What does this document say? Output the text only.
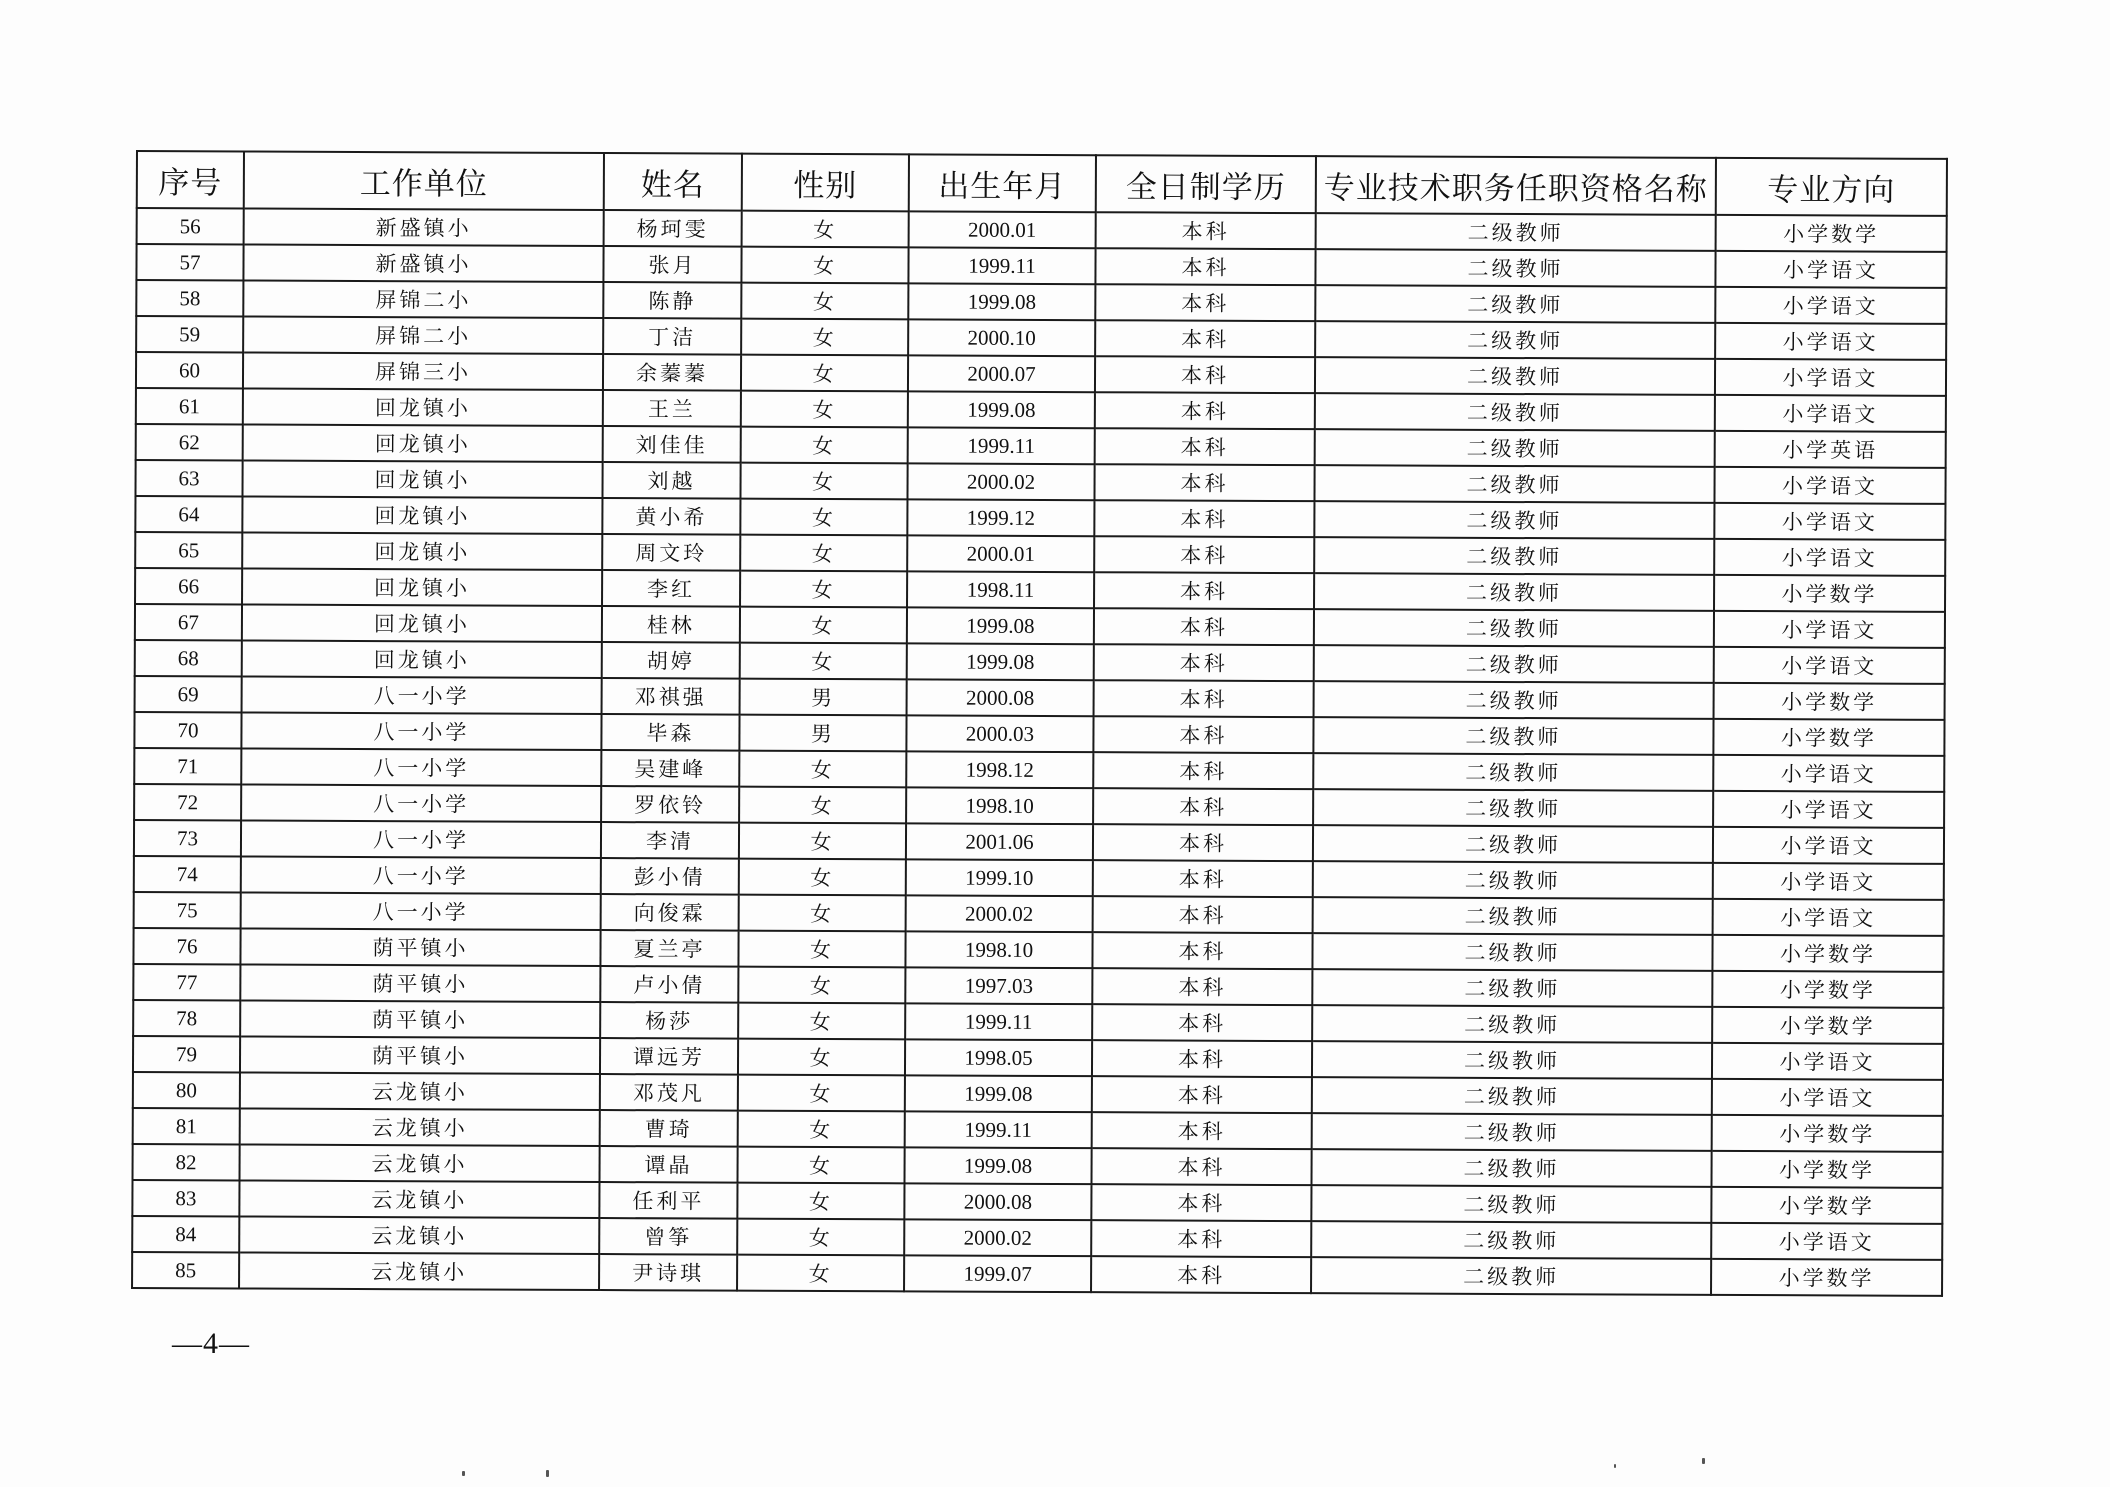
序号	工作单位	姓名	性别	出生年月	全日制学历	专业技术职务任职资格名称	专业方向
56	新盛镇小	杨珂雯	女	2000.01	本科	二级教师	小学数学
57	新盛镇小	张月	女	1999.11	本科	二级教师	小学语文
58	屏锦二小	陈静	女	1999.08	本科	二级教师	小学语文
59	屏锦二小	丁洁	女	2000.10	本科	二级教师	小学语文
60	屏锦三小	余蓁蓁	女	2000.07	本科	二级教师	小学语文
61	回龙镇小	王兰	女	1999.08	本科	二级教师	小学语文
62	回龙镇小	刘佳佳	女	1999.11	本科	二级教师	小学英语
63	回龙镇小	刘越	女	2000.02	本科	二级教师	小学语文
64	回龙镇小	黄小希	女	1999.12	本科	二级教师	小学语文
65	回龙镇小	周文玲	女	2000.01	本科	二级教师	小学语文
66	回龙镇小	李红	女	1998.11	本科	二级教师	小学数学
67	回龙镇小	桂林	女	1999.08	本科	二级教师	小学语文
68	回龙镇小	胡婷	女	1999.08	本科	二级教师	小学语文
69	八一小学	邓祺强	男	2000.08	本科	二级教师	小学数学
70	八一小学	毕森	男	2000.03	本科	二级教师	小学数学
71	八一小学	吴建峰	女	1998.12	本科	二级教师	小学语文
72	八一小学	罗依铃	女	1998.10	本科	二级教师	小学语文
73	八一小学	李清	女	2001.06	本科	二级教师	小学语文
74	八一小学	彭小倩	女	1999.10	本科	二级教师	小学语文
75	八一小学	向俊霖	女	2000.02	本科	二级教师	小学语文
76	荫平镇小	夏兰亭	女	1998.10	本科	二级教师	小学数学
77	荫平镇小	卢小倩	女	1997.03	本科	二级教师	小学数学
78	荫平镇小	杨莎	女	1999.11	本科	二级教师	小学数学
79	荫平镇小	谭远芳	女	1998.05	本科	二级教师	小学语文
80	云龙镇小	邓茂凡	女	1999.08	本科	二级教师	小学语文
81	云龙镇小	曹琦	女	1999.11	本科	二级教师	小学数学
82	云龙镇小	谭晶	女	1999.08	本科	二级教师	小学数学
83	云龙镇小	任利平	女	2000.08	本科	二级教师	小学数学
84	云龙镇小	曾筝	女	2000.02	本科	二级教师	小学语文
85	云龙镇小	尹诗琪	女	1999.07	本科	二级教师	小学数学
—4—
